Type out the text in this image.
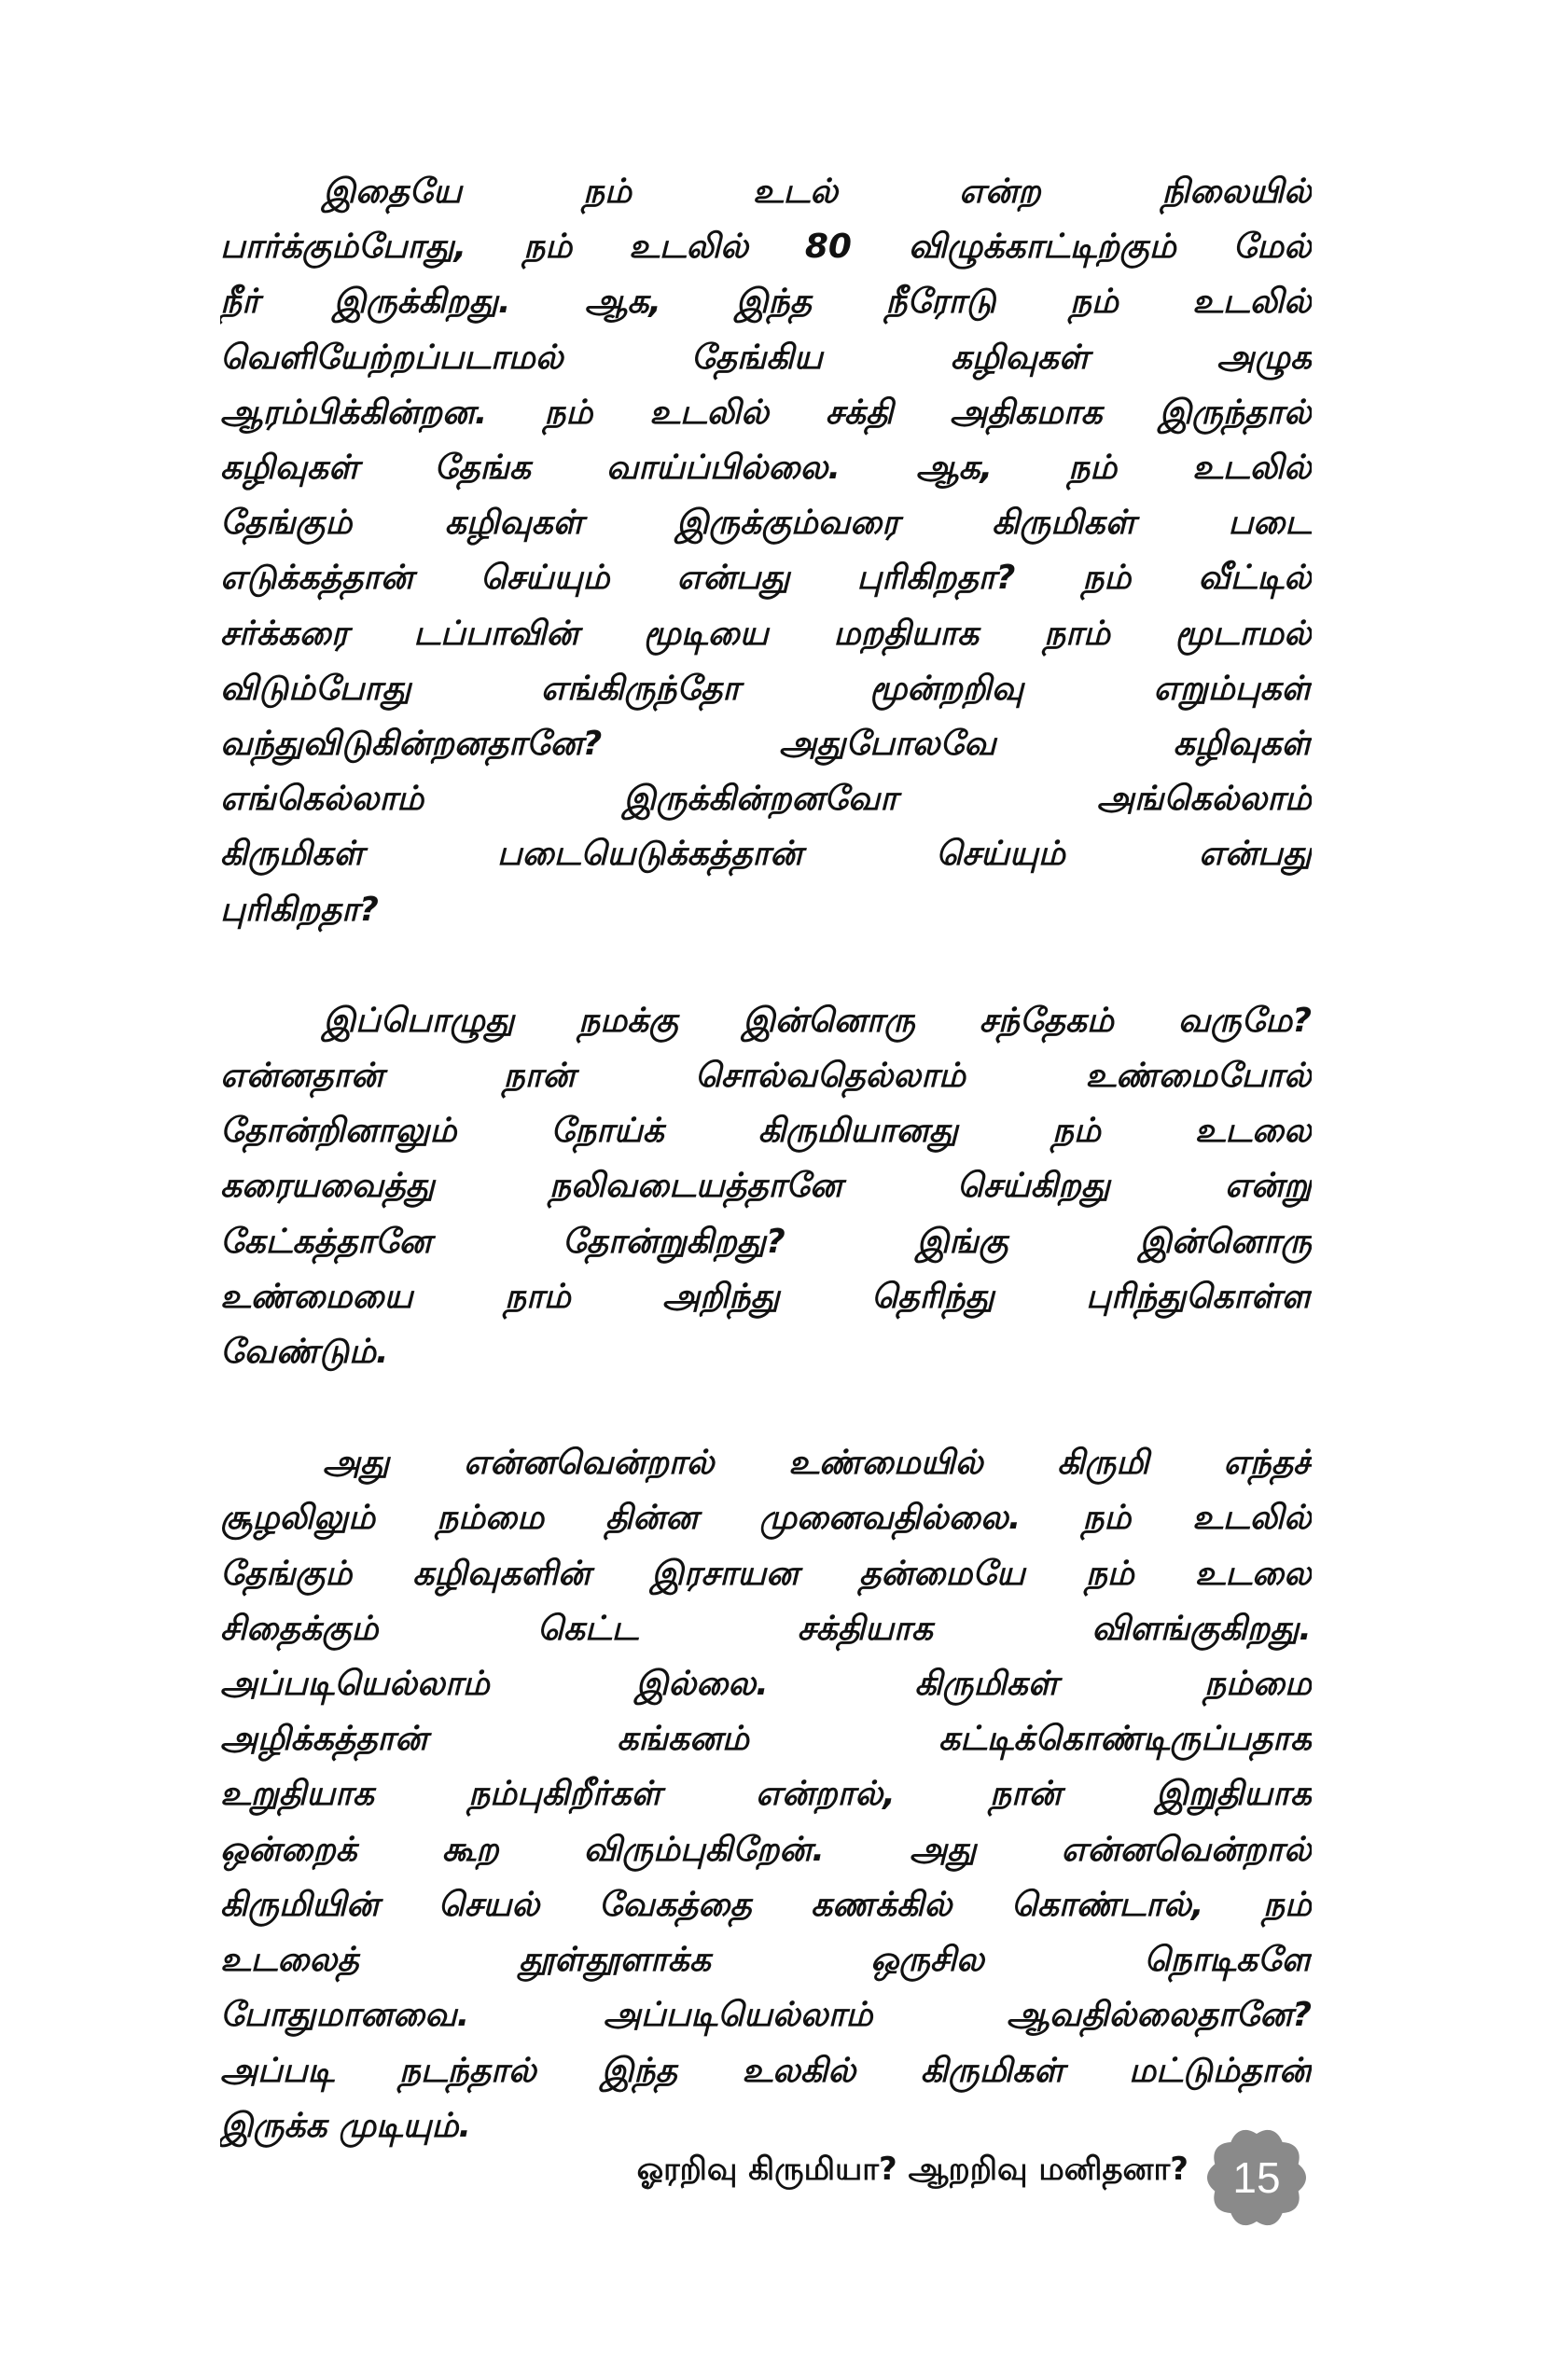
இதையே நம் உடல் என்ற நிலையில்
பார்க்கும்போது, நம் உடலில் 80 விழுக்காட்டிற்கும் மேல்
நீர் இருக்கிறது. ஆக, இந்த நீரோடு நம் உடலில்
வெளியேற்றப்படாமல் தேங்கிய கழிவுகள் அழுக
ஆரம்பிக்கின்றன. நம் உடலில் சக்தி அதிகமாக இருந்தால்
கழிவுகள் தேங்க வாய்ப்பில்லை. ஆக, நம் உடலில்
தேங்கும் கழிவுகள் இருக்கும்வரை கிருமிகள் படை
எடுக்கத்தான் செய்யும் என்பது புரிகிறதா? நம் வீட்டில்
சர்க்கரை டப்பாவின் மூடியை மறதியாக நாம் மூடாமல்
விடும்போது எங்கிருந்தோ மூன்றறிவு எறும்புகள்
வந்துவிடுகின்றனதானே? அதுபோலவே கழிவுகள்
எங்கெல்லாம் இருக்கின்றனவோ அங்கெல்லாம்
கிருமிகள் படையெடுக்கத்தான் செய்யும் என்பது
புரிகிறதா?

இப்பொழுது நமக்கு இன்னொரு சந்தேகம் வருமே?
என்னதான் நான் சொல்வதெல்லாம் உண்மைபோல்
தோன்றினாலும் நோய்க் கிருமியானது நம் உடலை
கரையவைத்து நலிவடையத்தானே செய்கிறது என்று
கேட்கத்தானே தோன்றுகிறது? இங்கு இன்னொரு
உண்மையை நாம் அறிந்து தெரிந்து புரிந்துகொள்ள
வேண்டும்.

அது என்னவென்றால் உண்மையில் கிருமி எந்தச்
சூழலிலும் நம்மை தின்ன முனைவதில்லை. நம் உடலில்
தேங்கும் கழிவுகளின் இரசாயன தன்மையே நம் உடலை
சிதைக்கும் கெட்ட சக்தியாக விளங்குகிறது.
அப்படியெல்லாம் இல்லை. கிருமிகள் நம்மை
அழிக்கத்தான் கங்கனம் கட்டிக்கொண்டிருப்பதாக
உறுதியாக நம்புகிறீர்கள் என்றால், நான் இறுதியாக
ஒன்றைக் கூற விரும்புகிறேன். அது என்னவென்றால்
கிருமியின் செயல் வேகத்தை கணக்கில் கொண்டால், நம்
உடலைத் தூள்தூளாக்க ஒருசில நொடிகளே
போதுமானவை. அப்படியெல்லாம் ஆவதில்லைதானே?
அப்படி நடந்தால் இந்த உலகில் கிருமிகள் மட்டும்தான்
இருக்க முடியும்.

ஓரறிவு கிருமியா? ஆறறிவு மனிதனா?	15
